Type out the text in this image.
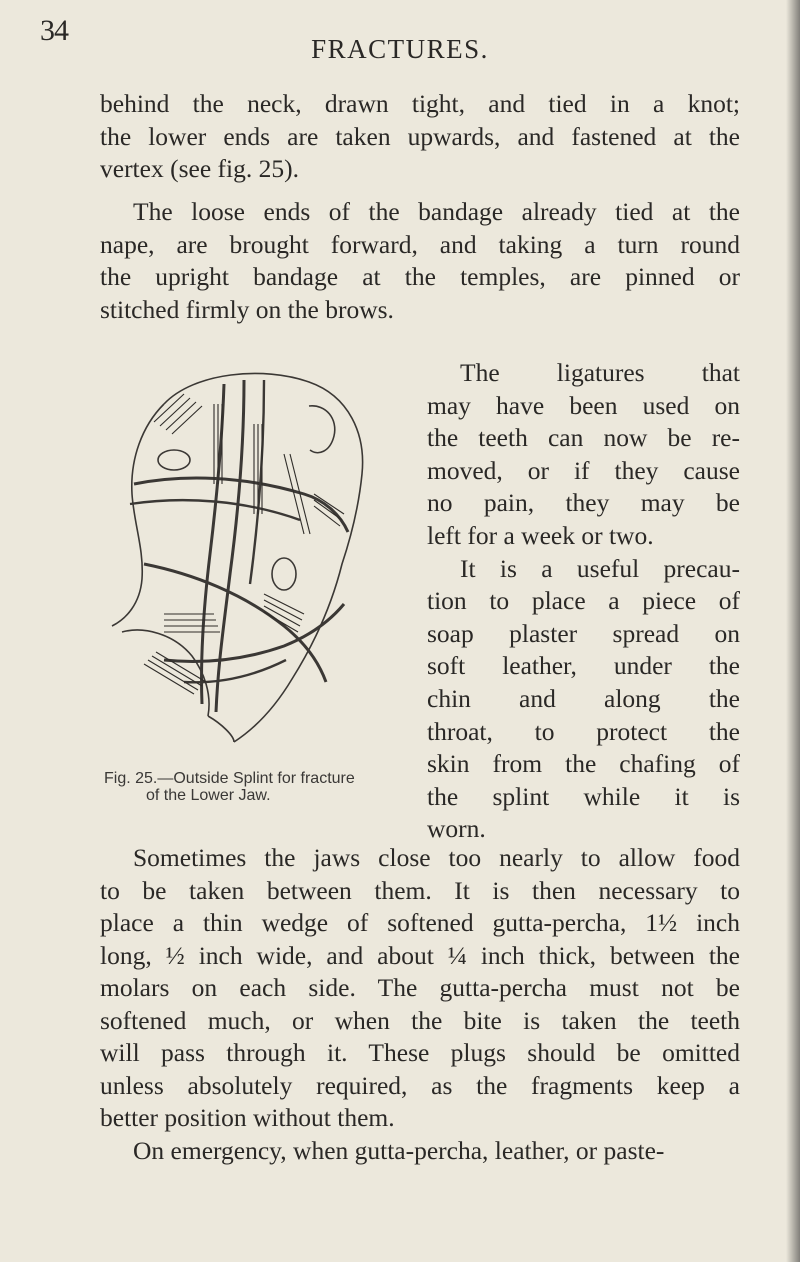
34
FRACTURES.

behind the neck, drawn tight, and tied in a knot;
the lower ends are taken upwards, and fastened at the
vertex (see fig. 25).

The loose ends of the bandage already tied at the
nape, are brought forward, and taking a turn round
the upright bandage at the temples, are pinned or
stitched firmly on the brows.

Fig. 25.—Outside Splint for fracture
of the Lower Jaw.

The ligatures that
may have been used on
the teeth can now be re-
moved, or if they cause
no pain, they may be
left for a week or two.
It is a useful precau-
tion to place a piece of
soap plaster spread on
soft leather, under the
chin and along the
throat, to protect the
skin from the chafing of
the splint while it is
worn.

Sometimes the jaws close too nearly to allow food
to be taken between them. It is then necessary to
place a thin wedge of softened gutta-percha, 1½ inch
long, ½ inch wide, and about ¼ inch thick, between the
molars on each side. The gutta-percha must not be
softened much, or when the bite is taken the teeth
will pass through it. These plugs should be omitted
unless absolutely required, as the fragments keep a
better position without them.

On emergency, when gutta-percha, leather, or paste-
